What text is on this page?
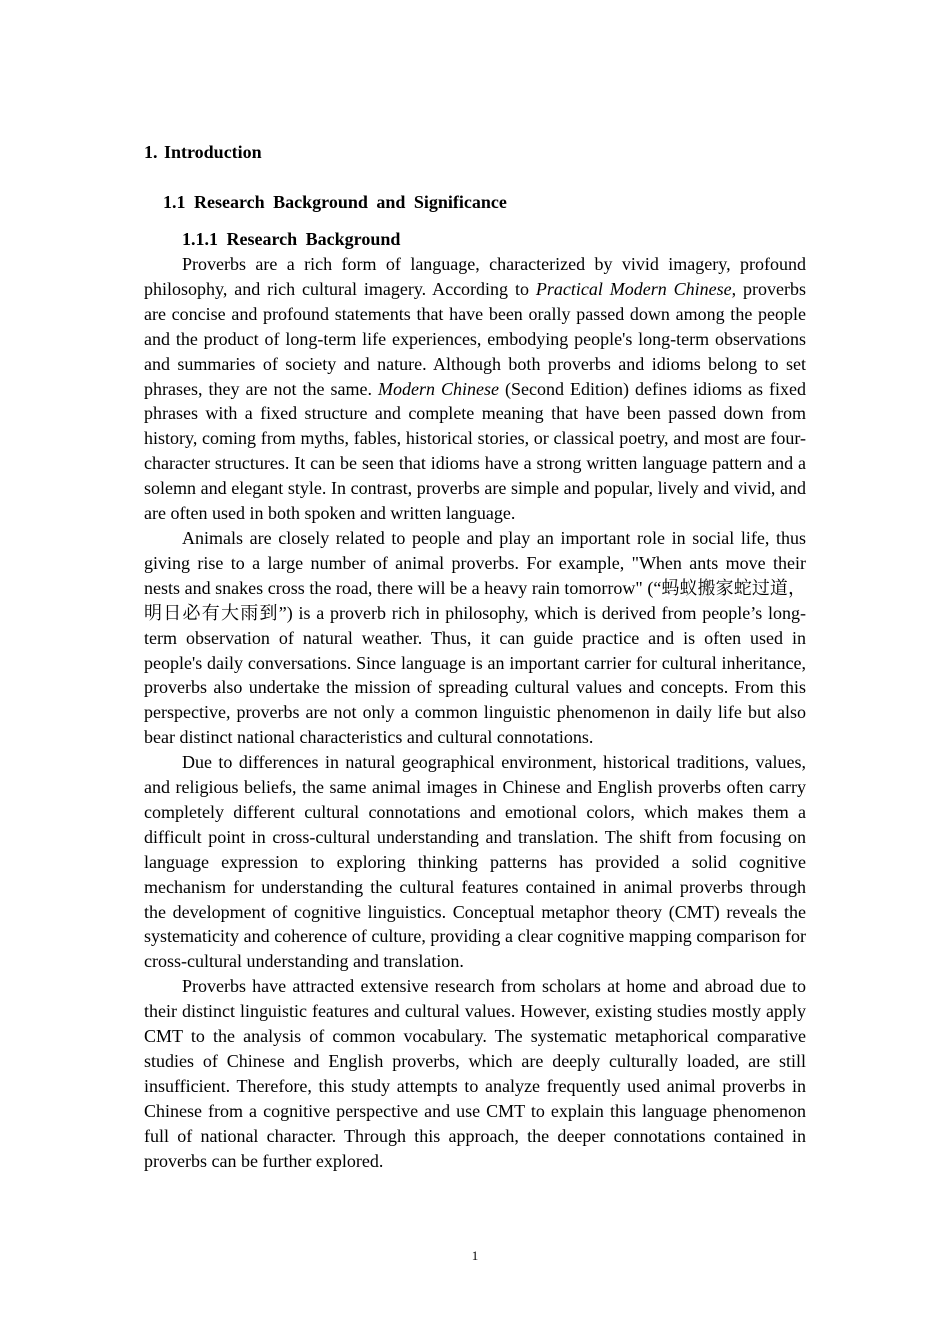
1. Introduction
1.1 Research Background and Significance
1.1.1 Research Background

Proverbs are a rich form of language, characterized by vivid imagery, profound philosophy, and rich cultural imagery. According to Practical Modern Chinese, proverbs are concise and profound statements that have been orally passed down among the people and the product of long-term life experiences, embodying people's long-term observations and summaries of society and nature. Although both proverbs and idioms belong to set phrases, they are not the same. Modern Chinese (Second Edition) defines idioms as fixed phrases with a fixed structure and complete meaning that have been passed down from history, coming from myths, fables, historical stories, or classical poetry, and most are four-character structures. It can be seen that idioms have a strong written language pattern and a solemn and elegant style. In contrast, proverbs are simple and popular, lively and vivid, and are often used in both spoken and written language.

Animals are closely related to people and play an important role in social life, thus giving rise to a large number of animal proverbs. For example, "When ants move their nests and snakes cross the road, there will be a heavy rain tomorrow" (“蚂蚁搬家蛇过道，明日必有大雨到”) is a proverb rich in philosophy, which is derived from people’s long-term observation of natural weather. Thus, it can guide practice and is often used in people's daily conversations. Since language is an important carrier for cultural inheritance, proverbs also undertake the mission of spreading cultural values and concepts. From this perspective, proverbs are not only a common linguistic phenomenon in daily life but also bear distinct national characteristics and cultural connotations.

Due to differences in natural geographical environment, historical traditions, values, and religious beliefs, the same animal images in Chinese and English proverbs often carry completely different cultural connotations and emotional colors, which makes them a difficult point in cross-cultural understanding and translation. The shift from focusing on language expression to exploring thinking patterns has provided a solid cognitive mechanism for understanding the cultural features contained in animal proverbs through the development of cognitive linguistics. Conceptual metaphor theory (CMT) reveals the systematicity and coherence of culture, providing a clear cognitive mapping comparison for cross-cultural understanding and translation.

Proverbs have attracted extensive research from scholars at home and abroad due to their distinct linguistic features and cultural values. However, existing studies mostly apply CMT to the analysis of common vocabulary. The systematic metaphorical comparative studies of Chinese and English proverbs, which are deeply culturally loaded, are still insufficient. Therefore, this study attempts to analyze frequently used animal proverbs in Chinese from a cognitive perspective and use CMT to explain this language phenomenon full of national character. Through this approach, the deeper connotations contained in proverbs can be further explored.

1
